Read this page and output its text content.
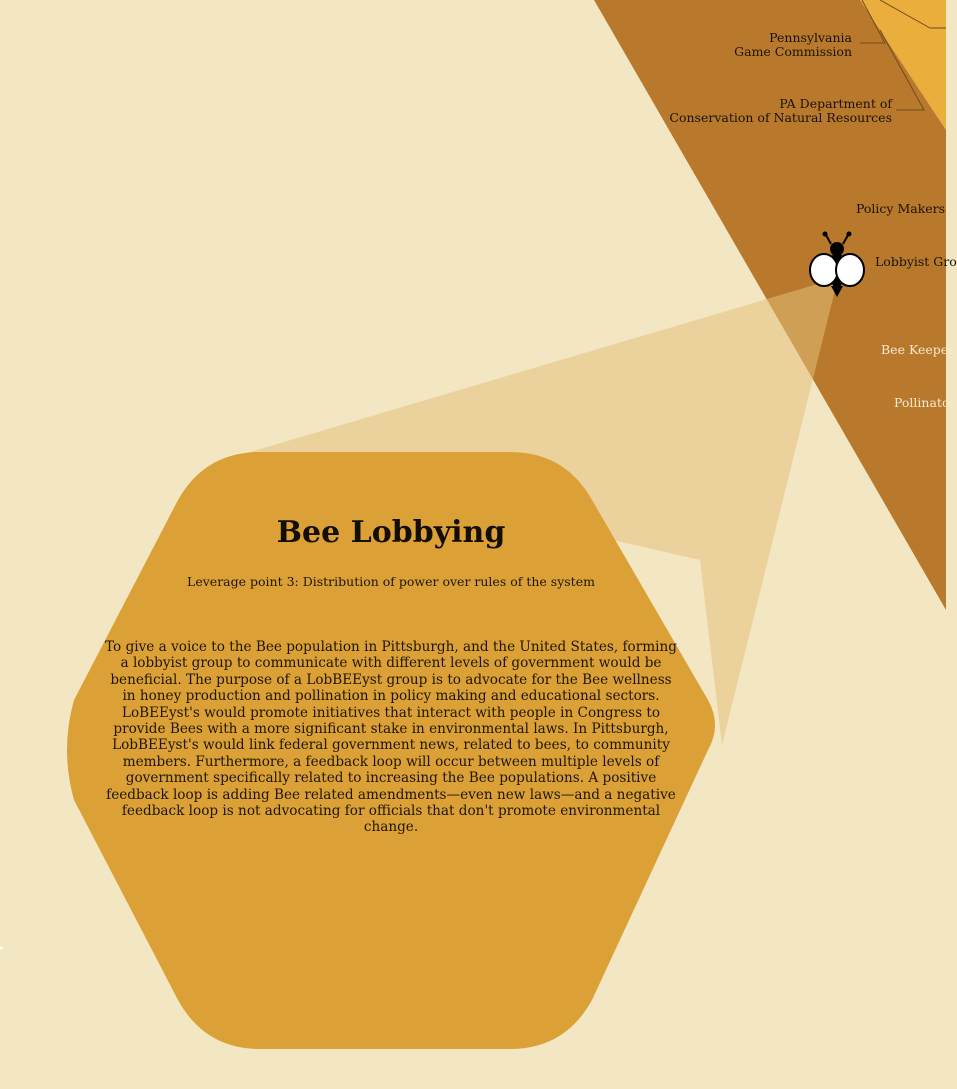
Pennsylvania
Game Commission
PA Department of
Conservation of Natural Resources
Policy Makers
Lobbyist Gro
Bee Keeper
Pollinato
Bee Lobbying

Leverage point 3: Distribution of power over rules of the system

To give a voice to the Bee population in Pittsburgh, and the United States, forming a lobbyist group to communicate with different levels of government would be beneficial. The purpose of a LobBEEyst group is to advocate for the Bee wellness in honey production and pollination in policy making and educational sectors. LoBEEyst's would promote initiatives that interact with people in Congress to provide Bees with a more significant stake in environmental laws. In Pittsburgh, LobBEEyst's would link federal government news, related to bees, to community members. Furthermore, a feedback loop will occur between multiple levels of government specifically related to increasing the Bee populations. A positive feedback loop is adding Bee related amendments—even new laws—and a negative feedback loop is not advocating for officials that don't promote environmental change.
